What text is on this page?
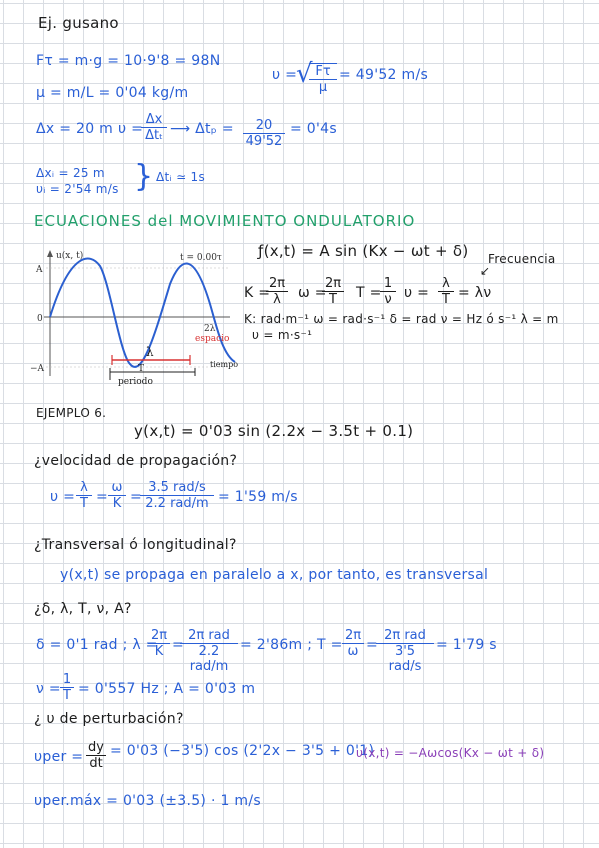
Ej. gusano
Fτ = m·g = 10·9'8 = 98N
υ =
√
$\frac{F\tau}{\mu} = 49'52$ m/s
μ = m/L = 0'04 kg/m
Δx = 20 m υ =
Δx
Δtₜ ⟶ $\Delta t_p = \frac{20}{49'52} = 0'4s$
Δxᵢ = 25 m
υᵢ = 2'54 m/s } Δtᵢ ≃ 1s
ECUACIONES del MOVIMIENTO ONDULATORIO
u(x, t)	t = 0.00τ
A
0
−A
λ
2λ
espacio
T
periodo
tiempo
ƒ(x,t) = A sin (Kx − ωt + δ) Frecuencia
↙
K =
$\frac{2\pi}{\lambda}$ ω =
$\frac{2\pi}{T}$ T =
$\frac{1}{\nu}$ $\upsilon = \frac{\lambda}{T} = \lambda\nu$
K: rad·m⁻¹ ω = rad·s⁻¹ δ = rad ν = Hz ó s⁻¹ λ = m
υ = m·s⁻¹
EJEMPLO 6.
y(x,t) = 0'03 sin (2.2x − 3.5t + 0.1)
¿velocidad de propagación?
$\upsilon = \frac{\lambda}{T} = \frac{\omega}{K}$ =
3.5 rad/s
2.2 rad/m = 1'59 m/s
¿Transversal ó longitudinal?
y(x,t) se propaga en paralelo a x, por tanto, es transversal
¿δ, λ, T, ν, A?
δ = 0'1 rad ; λ =
$\frac{2\pi}{K}$ =
2π rad
2.2 rad/m
= 2'86m ; $T = \frac{2\pi}{\omega}$ =
2π rad
3'5 rad/s
= 1'79 s
$\nu = \frac{1}{T} = 0'557$ Hz ; A = 0'03 m
¿ υ de perturbación?
$\upsilon per = \frac{dy}{dt} = 0'03$ (−3'5) cos (2'2x − 3'5 + 0'1)
υ(x,t) = −Aωcos(Kx − ωt + δ)
υper.máx = 0'03 (±3.5) · 1 m/s
